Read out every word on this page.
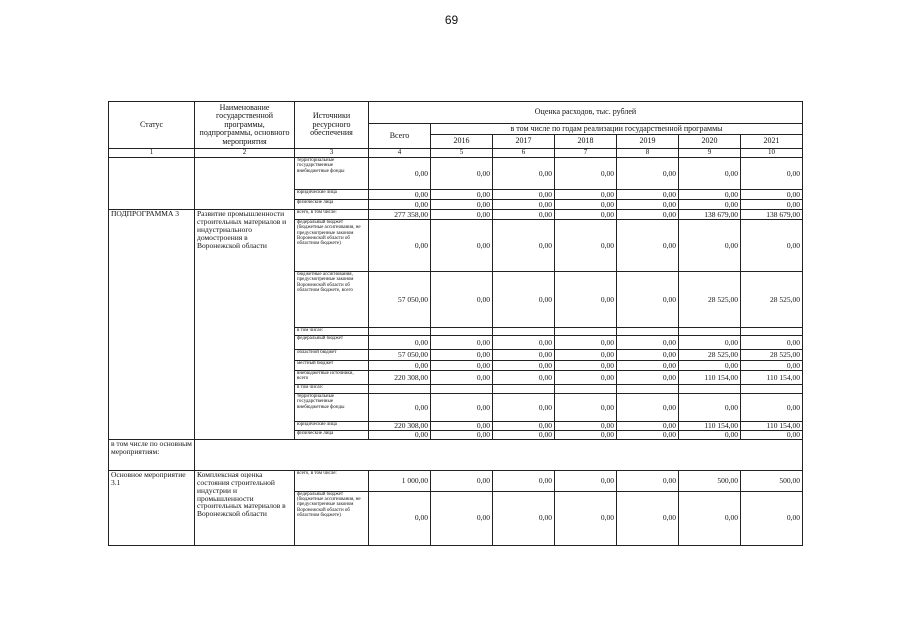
69
Статус	Наименование государственной программы, подпрограммы, основного мероприятия	Источники ресурсного обеспечения	Оценка расходов, тыс. рублей						
			Всего	в том числе по годам реализации государственной программы					
				2016	2017	2018	2019	2020	2021
1	2	3	4	5	6	7	8	9	10
		территориальные государственные внебюджетные фонды	0,00	0,00	0,00	0,00	0,00	0,00	0,00
		юридические лица	0,00	0,00	0,00	0,00	0,00	0,00	0,00
		физические лица	0,00	0,00	0,00	0,00	0,00	0,00	0,00
ПОДПРОГРАММА 3	Развитие промышленности строительных материалов и индустриального домостроения в Воронежской области	всего, в том числе:	277 358,00	0,00	0,00	0,00	0,00	138 679,00	138 679,00
		федеральный бюджет (бюджетные ассигнования, не предусмотренные законом Воронежской области об областном бюджете)	0,00	0,00	0,00	0,00	0,00	0,00	0,00
		бюджетные ассигнования, предусмотренные законом Воронежской области об областном бюджете, всего	57 050,00	0,00	0,00	0,00	0,00	28 525,00	28 525,00
		в том числе:							
		федеральный бюджет	0,00	0,00	0,00	0,00	0,00	0,00	0,00
		областной бюджет	57 050,00	0,00	0,00	0,00	0,00	28 525,00	28 525,00
		местный бюджет	0,00	0,00	0,00	0,00	0,00	0,00	0,00
		внебюджетные источники, всего	220 308,00	0,00	0,00	0,00	0,00	110 154,00	110 154,00
		в том числе:							
		территориальные государственные внебюджетные фонды	0,00	0,00	0,00	0,00	0,00	0,00	0,00
		юридические лица	220 308,00	0,00	0,00	0,00	0,00	110 154,00	110 154,00
		физические лица	0,00	0,00	0,00	0,00	0,00	0,00	0,00
в том числе по основным мероприятиям:									
Основное мероприятие 3.1	Комплексная оценка состояния строительной индустрии и промышленности строительных материалов в Воронежской области	всего, в том числе:	1 000,00	0,00	0,00	0,00	0,00	500,00	500,00
		федеральный бюджет (бюджетные ассигнования, не предусмотренные законом Воронежской области об областном бюджете)	0,00	0,00	0,00	0,00	0,00	0,00	0,00
